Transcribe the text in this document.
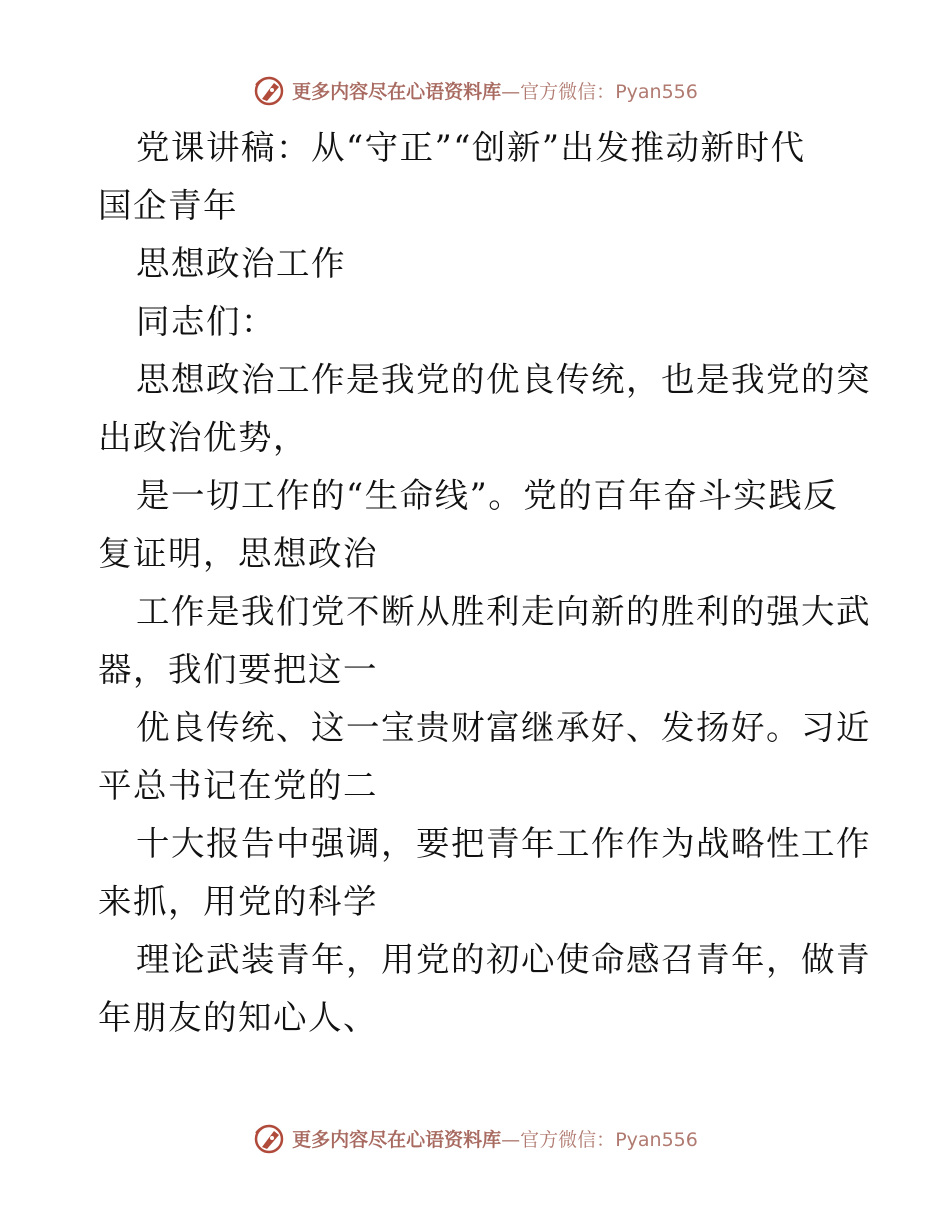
更多内容尽在心语资料库—官方微信：Pyan556
党课讲稿：从“守正”“创新”出发推动新时代
国企青年
思想政治工作
同志们：
思想政治工作是我党的优良传统，也是我党的突
出政治优势，
是一切工作的“生命线”。党的百年奋斗实践反
复证明，思想政治
工作是我们党不断从胜利走向新的胜利的强大武
器，我们要把这一
优良传统、这一宝贵财富继承好、发扬好。习近
平总书记在党的二
十大报告中强调，要把青年工作作为战略性工作
来抓，用党的科学
理论武装青年，用党的初心使命感召青年，做青
年朋友的知心人、
更多内容尽在心语资料库—官方微信：Pyan556
